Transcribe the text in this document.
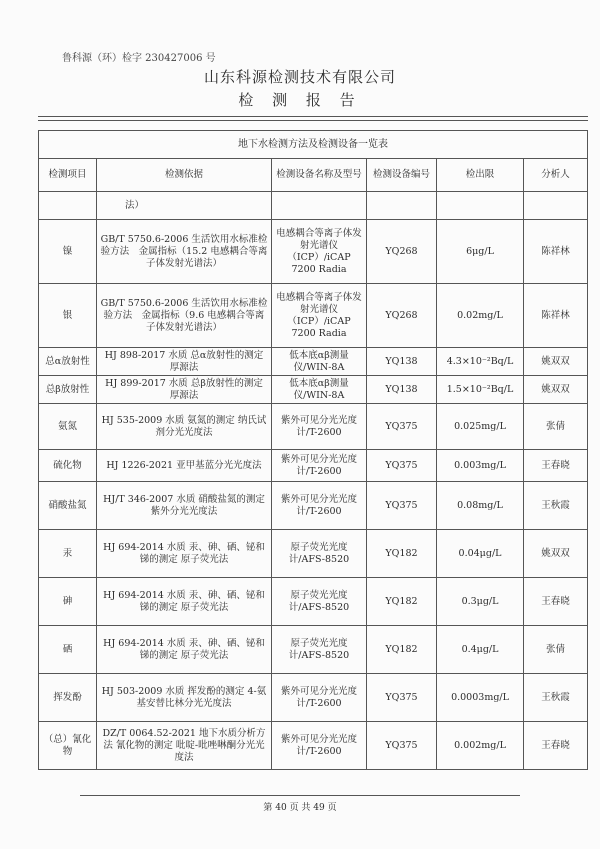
鲁科源（环）检字 230427006 号
山东科源检测技术有限公司
检 测 报 告
地下水检测方法及检测设备一览表					
检测项目	检测依据	检测设备名称及型号	检测设备编号	检出限	分析人
	法）				
镍	GB/T 5750.6-2006 生活饮用水标准检验方法　金属指标（15.2 电感耦合等离子体发射光谱法）	电感耦合等离子体发射光谱仪（ICP）/iCAP 7200 Radia	YQ268	6μg/L	陈祥林
银	GB/T 5750.6-2006 生活饮用水标准检验方法　金属指标（9.6 电感耦合等离子体发射光谱法）	电感耦合等离子体发射光谱仪（ICP）/iCAP 7200 Radia	YQ268	0.02mg/L	陈祥林
总α放射性	HJ 898-2017 水质 总α放射性的测定 厚源法	低本底αβ测量仪/WIN-8A	YQ138	4.3×10⁻²Bq/L	姚双双
总β放射性	HJ 899-2017 水质 总β放射性的测定 厚源法	低本底αβ测量仪/WIN-8A	YQ138	1.5×10⁻²Bq/L	姚双双
氨氮	HJ 535-2009 水质 氨氮的测定 纳氏试剂分光光度法	紫外可见分光光度计/T-2600	YQ375	0.025mg/L	张倩
硫化物	HJ 1226-2021 亚甲基蓝分光光度法	紫外可见分光光度计/T-2600	YQ375	0.003mg/L	王春晓
硝酸盐氮	HJ/T 346-2007 水质 硝酸盐氮的测定 紫外分光光度法	紫外可见分光光度计/T-2600	YQ375	0.08mg/L	王秋霞
汞	HJ 694-2014 水质 汞、砷、硒、铋和锑的测定 原子荧光法	原子荧光光度计/AFS-8520	YQ182	0.04μg/L	姚双双
砷	HJ 694-2014 水质 汞、砷、硒、铋和锑的测定 原子荧光法	原子荧光光度计/AFS-8520	YQ182	0.3μg/L	王春晓
硒	HJ 694-2014 水质 汞、砷、硒、铋和锑的测定 原子荧光法	原子荧光光度计/AFS-8520	YQ182	0.4μg/L	张倩
挥发酚	HJ 503-2009 水质 挥发酚的测定 4-氨基安替比林分光光度法	紫外可见分光光度计/T-2600	YQ375	0.0003mg/L	王秋霞
（总）氰化物	DZ/T 0064.52-2021 地下水质分析方法 氰化物的测定 吡啶-吡唑啉酮分光光度法	紫外可见分光光度计/T-2600	YQ375	0.002mg/L	王春晓
第 40 页 共 49 页
